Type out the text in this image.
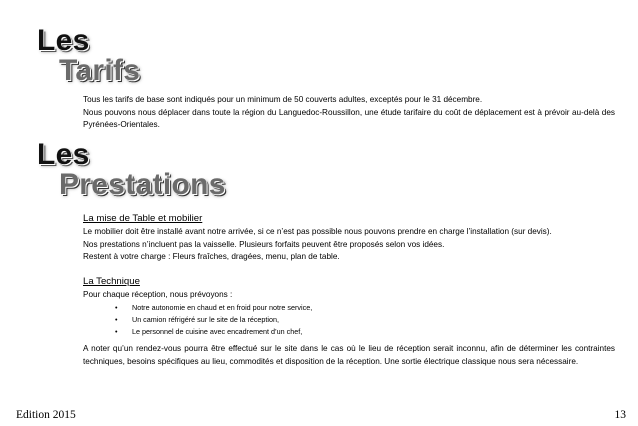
Les
Tarifs

Tous les tarifs de base sont indiqués pour un minimum de 50 couverts adultes, exceptés pour le 31 décembre.

Nous pouvons nous déplacer dans toute la région du Languedoc-Roussillon, une étude tarifaire du coût de déplacement est à prévoir au-delà des Pyrénées-Orientales.

Les
Prestations
La mise de Table et mobilier

Le mobilier doit être installé avant notre arrivée, si ce n’est pas possible nous pouvons prendre en charge l’installation (sur devis).

Nos prestations n’incluent pas la vaisselle. Plusieurs forfaits peuvent être proposés selon vos idées.

Restent à votre charge : Fleurs fraîches, dragées, menu, plan de table.

La Technique
Pour chaque réception, nous prévoyons :
• Notre autonomie en chaud et en froid pour notre service,
• Un camion réfrigéré sur le site de la réception,
• Le personnel de cuisine avec encadrement d’un chef,
A noter qu’un rendez-vous pourra être effectué sur le site dans le cas où le lieu de réception serait inconnu, afin de déterminer les contraintes techniques, besoins spécifiques au lieu, commodités et disposition de la réception. Une sortie électrique classique nous sera nécessaire.
Edition 2015	13
